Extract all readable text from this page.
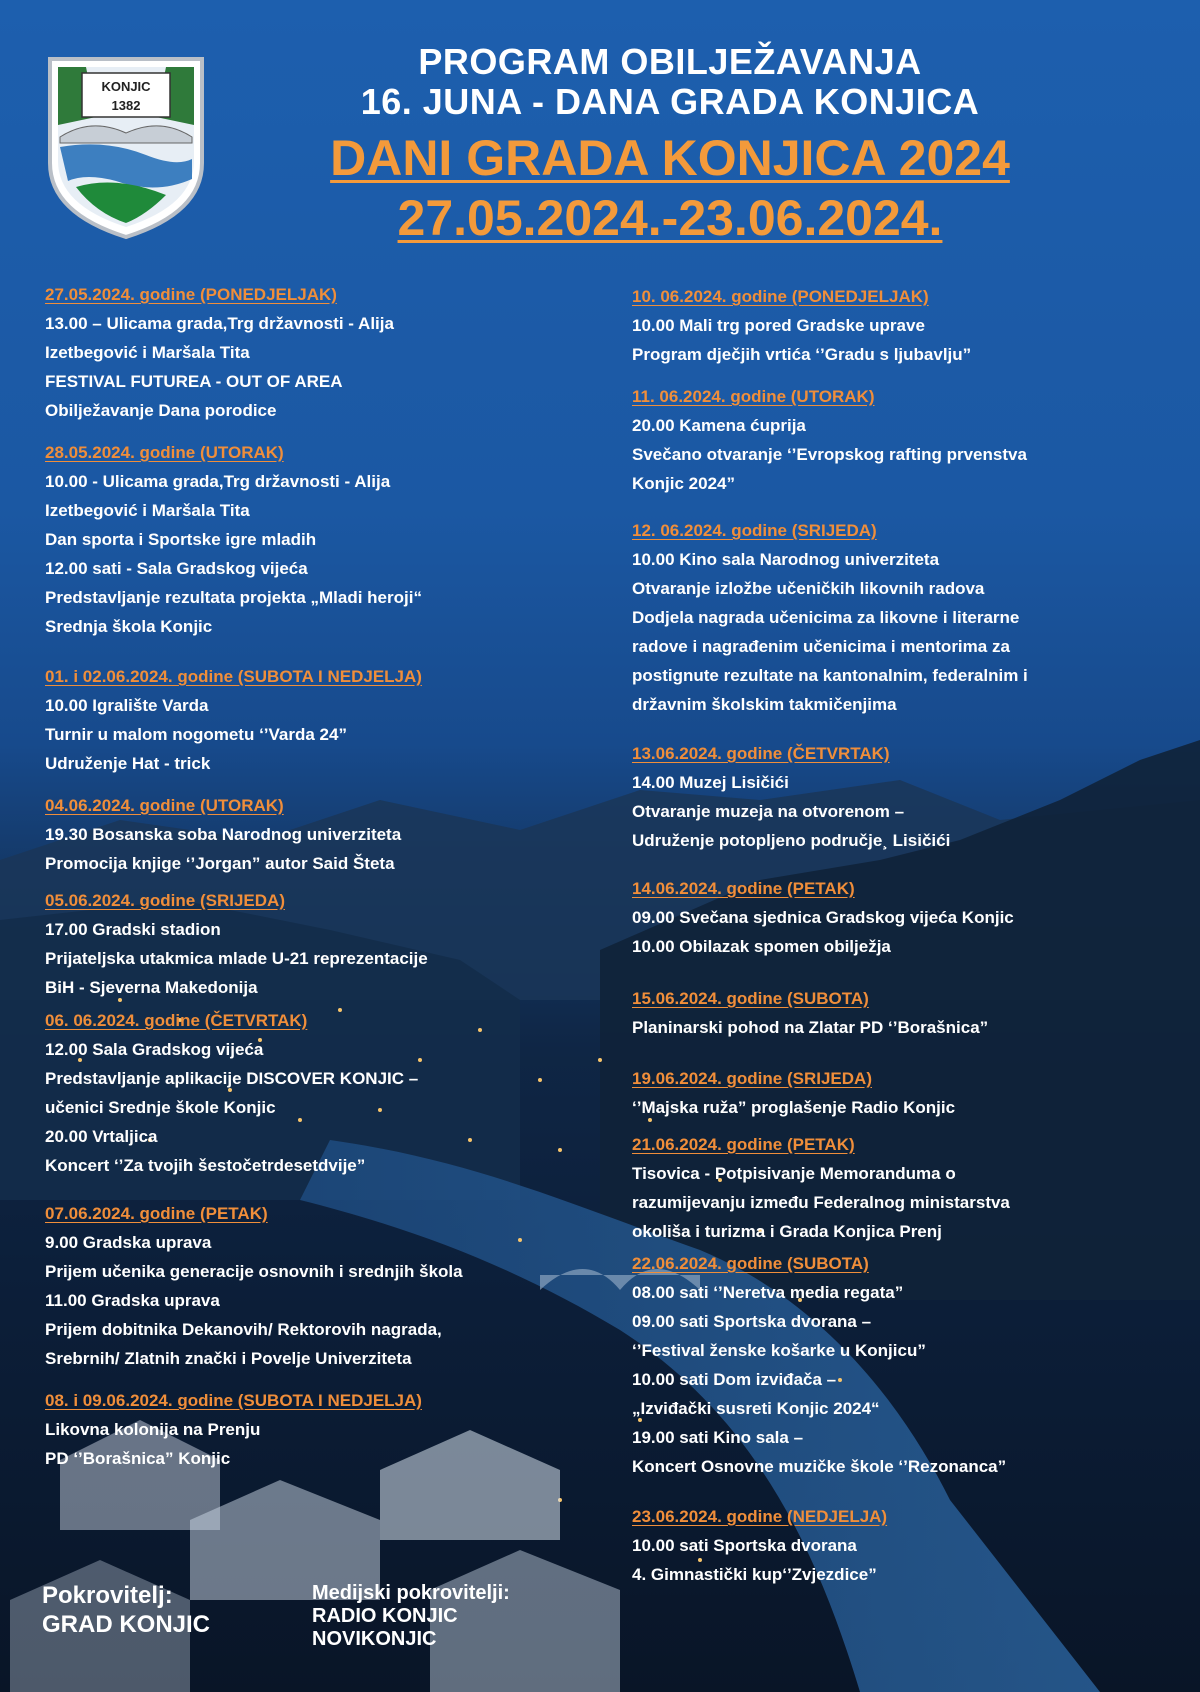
KONJIC
1382
PROGRAM OBILJEŽAVANJA
16. JUNA - DANA GRADA KONJICA
DANI GRADA KONJICA 2024
27.05.2024.-23.06.2024.
27.05.2024. godine (PONEDJELJAK)
13.00 – Ulicama grada,Trg državnosti - Alija
Izetbegović i Maršala Tita
FESTIVAL FUTUREA - OUT OF AREA
Obilježavanje Dana porodice
28.05.2024. godine (UTORAK)
10.00 - Ulicama grada,Trg državnosti - Alija
Izetbegović i Maršala Tita
Dan sporta i Sportske igre mladih
12.00 sati - Sala Gradskog vijeća
Predstavljanje rezultata projekta „Mladi heroji“
Srednja škola Konjic
01. i 02.06.2024. godine (SUBOTA I NEDJELJA)
10.00 Igralište Varda
Turnir u malom nogometu ‘’Varda 24”
Udruženje Hat - trick
04.06.2024. godine (UTORAK)
19.30 Bosanska soba Narodnog univerziteta
Promocija knjige ‘’Jorgan” autor Said Šteta
05.06.2024. godine (SRIJEDA)
17.00 Gradski stadion
Prijateljska utakmica mlade U-21 reprezentacije
BiH - Sjeverna Makedonija
06. 06.2024. godine (ČETVRTAK)
12.00 Sala Gradskog vijeća
Predstavljanje aplikacije DISCOVER KONJIC –
učenici Srednje škole Konjic
20.00 Vrtaljica
Koncert ‘’Za tvojih šestočetrdesetdvije”
07.06.2024. godine (PETAK)
9.00 Gradska uprava
Prijem učenika generacije osnovnih i srednjih škola
11.00 Gradska uprava
Prijem dobitnika Dekanovih/ Rektorovih nagrada,
Srebrnih/ Zlatnih znački i Povelje Univerziteta
08. i 09.06.2024. godine (SUBOTA I NEDJELJA)
Likovna kolonija na Prenju
PD ‘’Borašnica” Konjic
10. 06.2024. godine (PONEDJELJAK)
10.00 Mali trg pored Gradske uprave
Program dječjih vrtića ‘’Gradu s ljubavlju”
11. 06.2024. godine (UTORAK)
20.00 Kamena ćuprija
Svečano otvaranje ‘’Evropskog rafting prvenstva
Konjic 2024”
12. 06.2024. godine (SRIJEDA)
10.00 Kino sala Narodnog univerziteta
Otvaranje izložbe učeničkih likovnih radova
Dodjela nagrada učenicima za likovne i literarne
radove i nagrađenim učenicima i mentorima za
postignute rezultate na kantonalnim, federalnim i
državnim školskim takmičenjima
13.06.2024. godine (ČETVRTAK)
14.00 Muzej Lisičići
Otvaranje muzeja na otvorenom –
Udruženje potopljeno područje¸ Lisičići
14.06.2024. godine (PETAK)
09.00 Svečana sjednica Gradskog vijeća Konjic
10.00 Obilazak spomen obilježja
15.06.2024. godine (SUBOTA)
Planinarski pohod na Zlatar PD ‘’Borašnica”
19.06.2024. godine (SRIJEDA)
‘’Majska ruža” proglašenje Radio Konjic
21.06.2024. godine (PETAK)
Tisovica - Potpisivanje Memoranduma o
razumijevanju između Federalnog ministarstva
okoliša i turizma i Grada Konjica Prenj
22.06.2024. godine (SUBOTA)
08.00 sati ‘’Neretva media regata”
09.00 sati Sportska dvorana –
‘’Festival ženske košarke u Konjicu”
10.00 sati Dom izviđača –
„Izviđački susreti Konjic 2024“
19.00 sati Kino sala –
Koncert Osnovne muzičke škole ‘’Rezonanca”
23.06.2024. godine (NEDJELJA)
10.00 sati Sportska dvorana
4. Gimnastički kup‘’Zvjezdice”
Pokrovitelj:
GRAD KONJIC
Medijski pokrovitelji:
RADIO KONJIC
NOVIKONJIC
